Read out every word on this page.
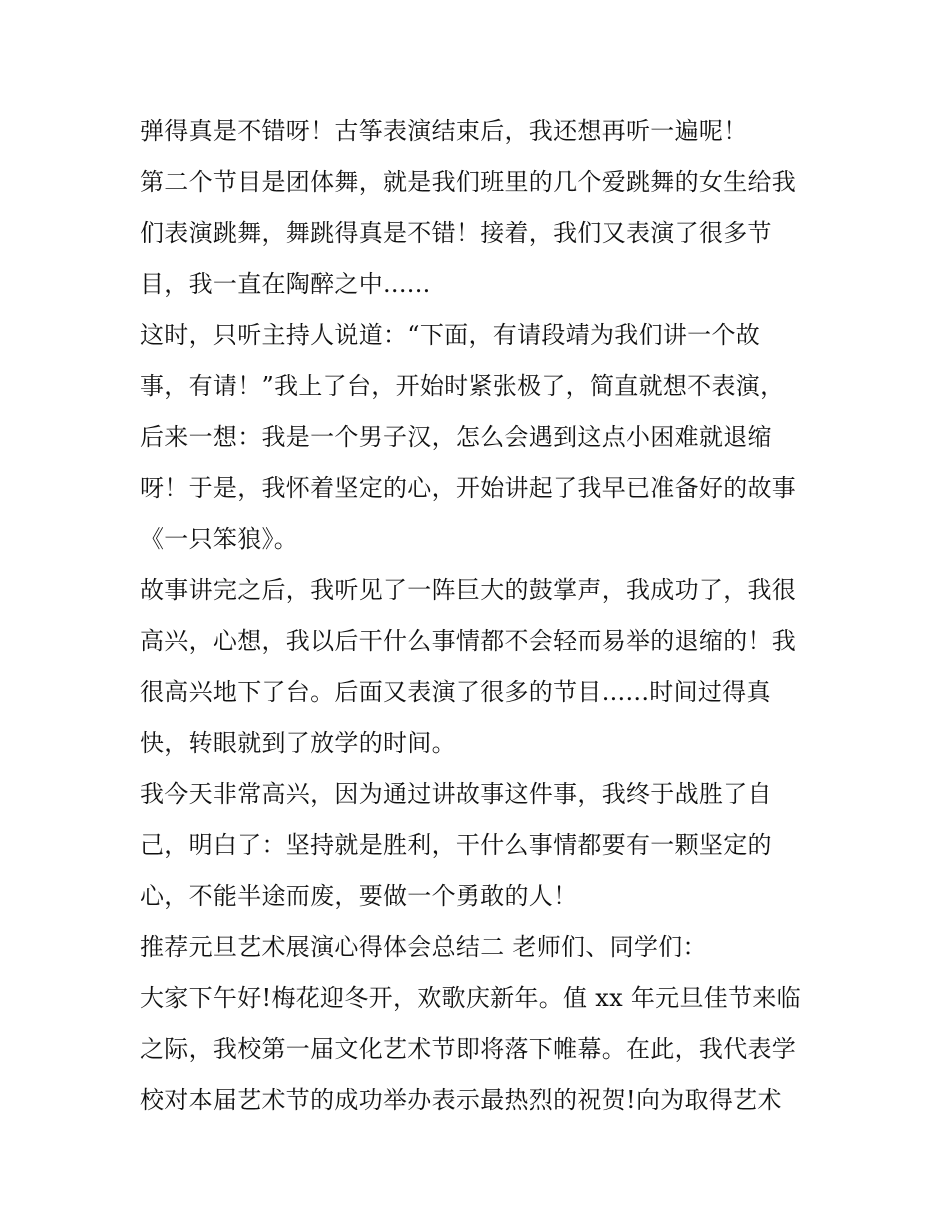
弹得真是不错呀！古筝表演结束后，我还想再听一遍呢！
第二个节目是团体舞，就是我们班里的几个爱跳舞的女生给我
们表演跳舞，舞跳得真是不错！接着，我们又表演了很多节
目，我一直在陶醉之中......
这时，只听主持人说道：“下面，有请段靖为我们讲一个故
事，有请！”我上了台，开始时紧张极了，简直就想不表演，
后来一想：我是一个男子汉，怎么会遇到这点小困难就退缩
呀！于是，我怀着坚定的心，开始讲起了我早已准备好的故事
《一只笨狼》。
故事讲完之后，我听见了一阵巨大的鼓掌声，我成功了，我很
高兴，心想，我以后干什么事情都不会轻而易举的退缩的！我
很高兴地下了台。后面又表演了很多的节目......时间过得真
快，转眼就到了放学的时间。
我今天非常高兴，因为通过讲故事这件事，我终于战胜了自
己，明白了：坚持就是胜利，干什么事情都要有一颗坚定的
心，不能半途而废，要做一个勇敢的人！
推荐元旦艺术展演心得体会总结二 老师们、同学们：
大家下午好!梅花迎冬开，欢歌庆新年。值 xx 年元旦佳节来临
之际，我校第一届文化艺术节即将落下帷幕。在此，我代表学
校对本届艺术节的成功举办表示最热烈的祝贺!向为取得艺术
